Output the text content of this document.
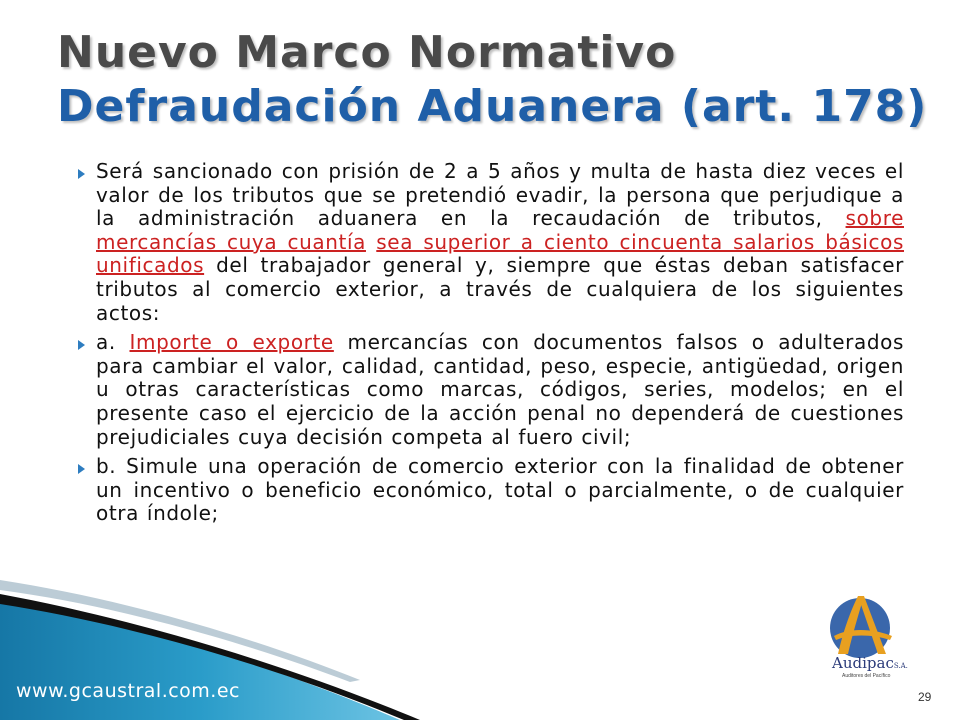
Nuevo Marco Normativo
Defraudación Aduanera (art. 178)
Será sancionado con prisión de 2 a 5 años y multa de hasta diez veces el valor de los tributos que se pretendió evadir, la persona que perjudique a la administración aduanera en la recaudación de tributos, sobre mercancías cuya cuantía sea superior a ciento cincuenta salarios básicos unificados del trabajador general y, siempre que éstas deban satisfacer tributos al comercio exterior, a través de cualquiera de los siguientes actos:
a. Importe o exporte mercancías con documentos falsos o adulterados para cambiar el valor, calidad, cantidad, peso, especie, antigüedad, origen u otras características como marcas, códigos, series, modelos; en el presente caso el ejercicio de la acción penal no dependerá de cuestiones prejudiciales cuya decisión competa al fuero civil;
b. Simule una operación de comercio exterior con la finalidad de obtener un incentivo o beneficio económico, total o parcialmente, o de cualquier otra índole;
www.gcaustral.com.ec
AudipacS.A.
Auditores del Pacífico
29
